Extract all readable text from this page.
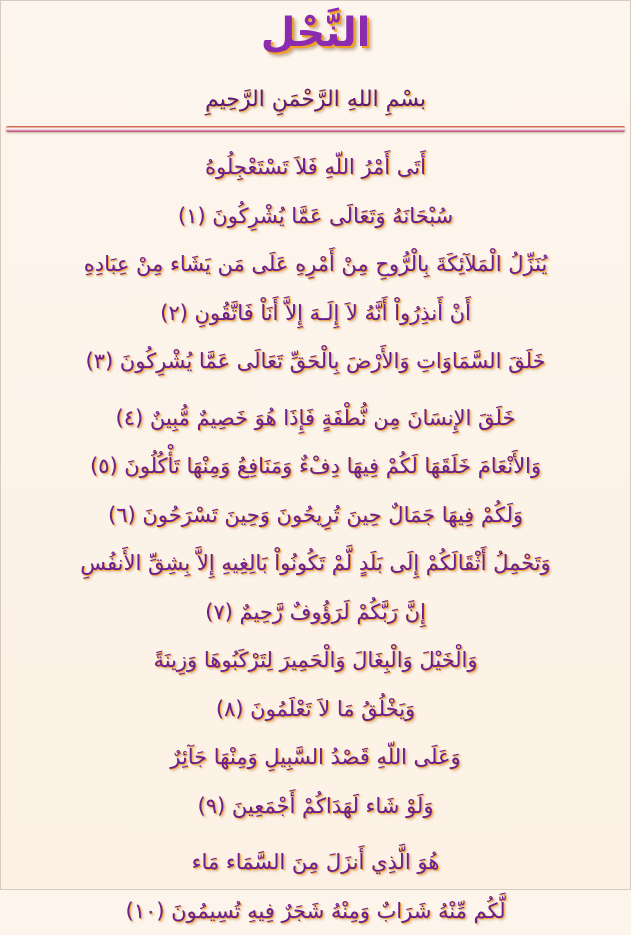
النَّحْل
بسْمِ اللهِ الرَّحْمَنِ الرَّحِيمِ
أَتَى أَمْرُ اللّهِ فَلاَ تَسْتَعْجِلُوهُ
سُبْحَانَهُ وَتَعَالَى عَمَّا يُشْرِكُونَ (١)
يُنَزِّلُ الْمَلآئِكَةَ بِالْرُّوحِ مِنْ أَمْرِهِ عَلَى مَن يَشَاء مِنْ عِبَادِهِ
أَنْ أَنذِرُواْ أَنَّهُ لاَ إِلَـهَ إِلاَّ أَنَاْ فَاتَّقُونِ (٢)
خَلَقَ السَّمَاوَاتِ وَالأَرْضَ بِالْحَقِّ تَعَالَى عَمَّا يُشْرِكُونَ (٣)
خَلَقَ الإِنسَانَ مِن نُّطْفَةٍ فَإِذَا هُوَ خَصِيمٌ مُّبِينٌ (٤)
وَالأَنْعَامَ خَلَقَهَا لَكُمْ فِيهَا دِفْءٌ وَمَنَافِعُ وَمِنْهَا تَأْكُلُونَ (٥)
وَلَكُمْ فِيهَا جَمَالٌ حِينَ تُرِيحُونَ وَحِينَ تَسْرَحُونَ (٦)
وَتَحْمِلُ أَثْقَالَكُمْ إِلَى بَلَدٍ لَّمْ تَكُونُواْ بَالِغِيهِ إِلاَّ بِشِقِّ الأَنفُسِ
إِنَّ رَبَّكُمْ لَرَؤُوفٌ رَّحِيمٌ (٧)
وَالْخَيْلَ وَالْبِغَالَ وَالْحَمِيرَ لِتَرْكَبُوهَا وَزِينَةً
وَيَخْلُقُ مَا لاَ تَعْلَمُونَ (٨)
وَعَلَى اللّهِ قَصْدُ السَّبِيلِ وَمِنْهَا جَآئِرٌ
وَلَوْ شَاء لَهَدَاكُمْ أَجْمَعِينَ (٩)
هُوَ الَّذِي أَنزَلَ مِنَ السَّمَاء مَاء
لَّكُم مِّنْهُ شَرَابٌ وَمِنْهُ شَجَرٌ فِيهِ تُسِيمُونَ (١٠)
